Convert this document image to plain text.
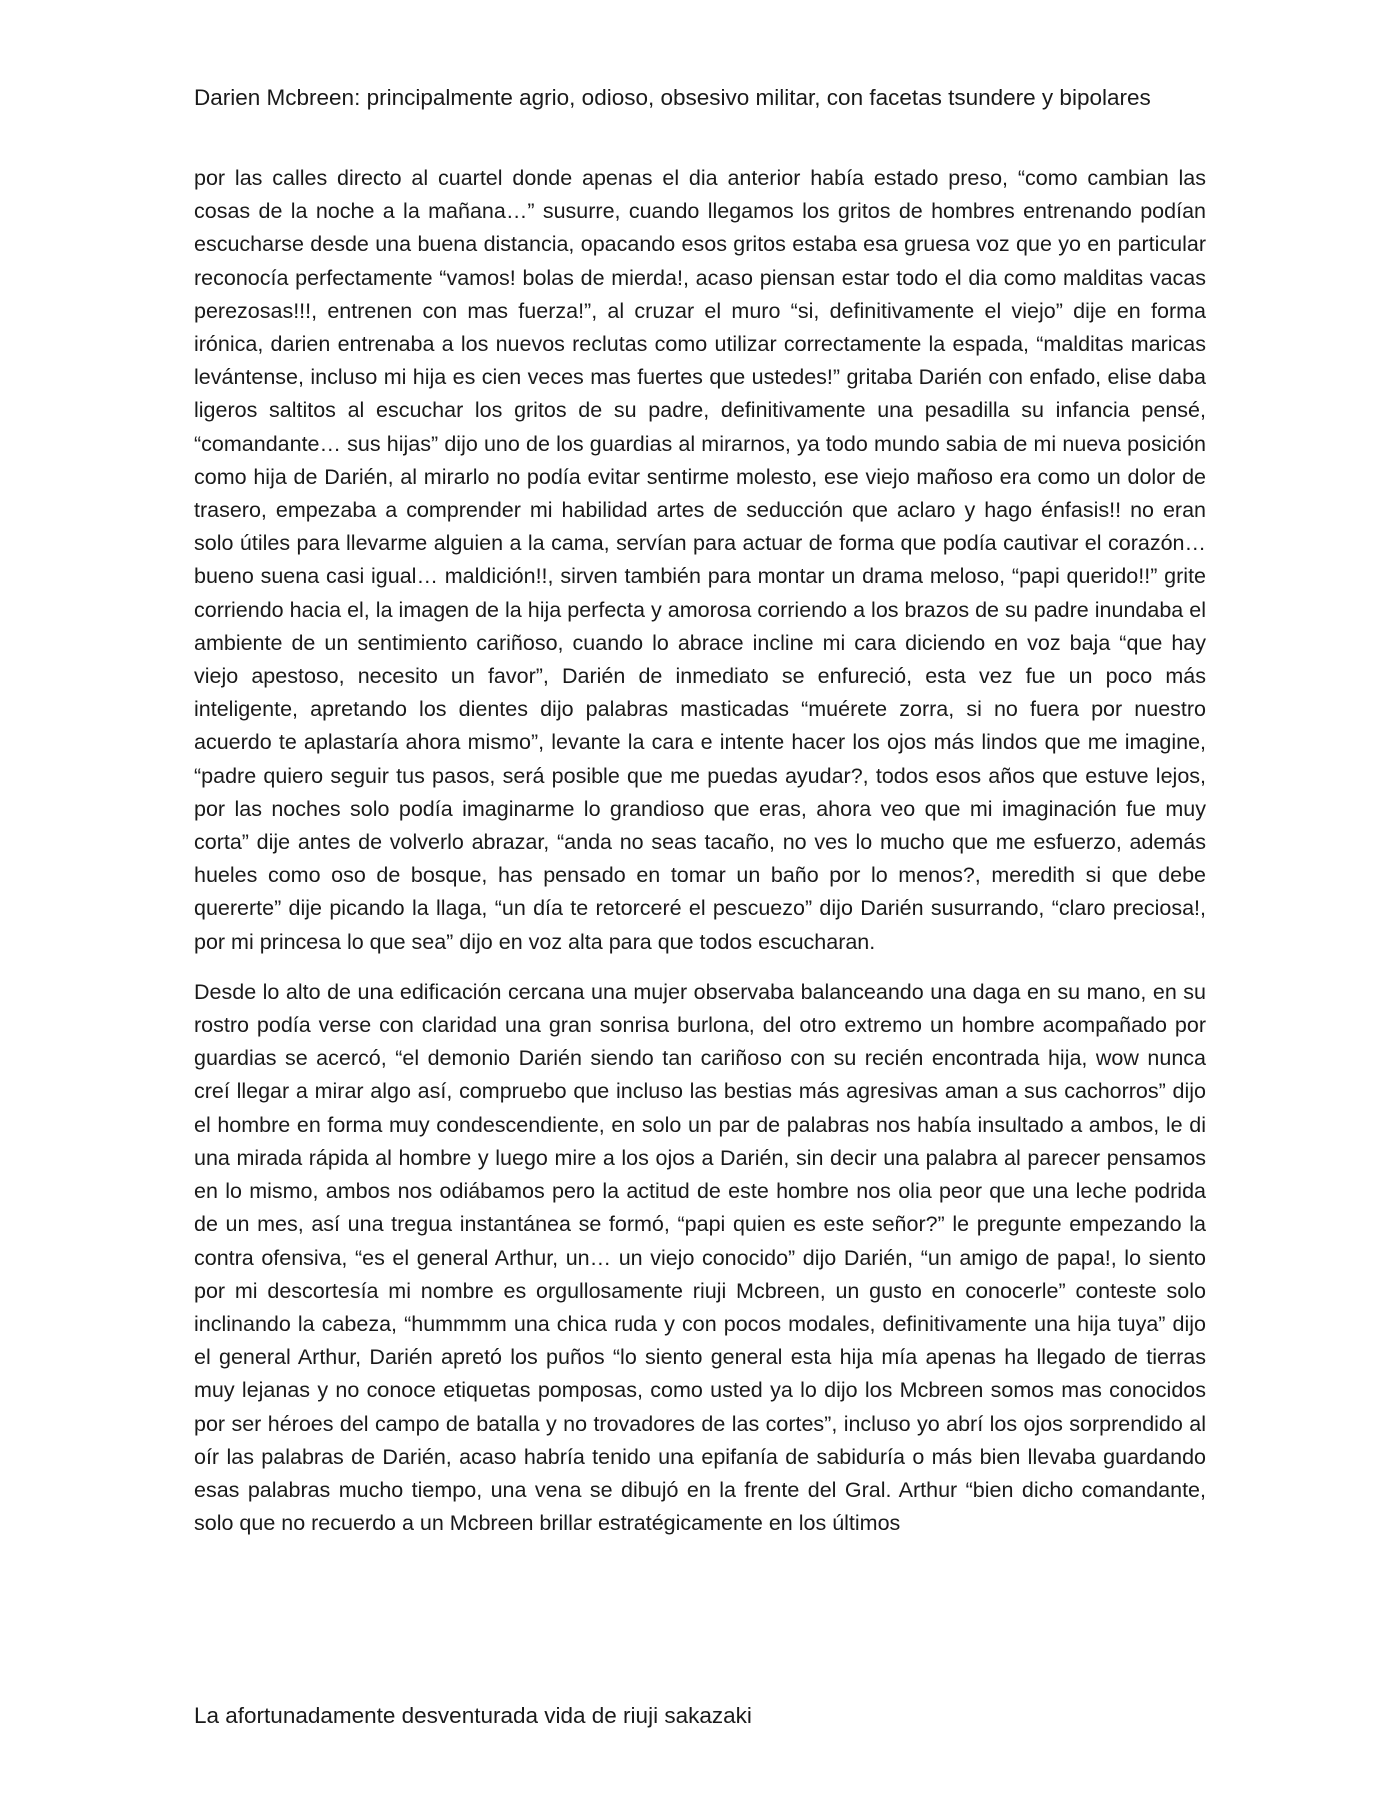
Darien Mcbreen: principalmente agrio, odioso, obsesivo militar, con facetas tsundere y bipolares

por las calles directo al cuartel donde apenas el dia anterior había estado preso, “como cambian las cosas de la noche a la mañana…” susurre, cuando llegamos los gritos de hombres entrenando podían escucharse desde una buena distancia, opacando esos gritos estaba esa gruesa voz que yo en particular reconocía perfectamente “vamos! bolas de mierda!, acaso piensan estar todo el dia como malditas vacas perezosas!!!, entrenen con mas fuerza!”, al cruzar el muro “si, definitivamente el viejo” dije en forma irónica, darien entrenaba a los nuevos reclutas como utilizar correctamente la espada, “malditas maricas levántense, incluso mi hija es cien veces mas fuertes que ustedes!” gritaba Darién con enfado, elise daba ligeros saltitos al escuchar los gritos de su padre, definitivamente una pesadilla su infancia pensé, “comandante… sus hijas” dijo uno de los guardias al mirarnos, ya todo mundo sabia de mi nueva posición como hija de Darién, al mirarlo no podía evitar sentirme molesto, ese viejo mañoso era como un dolor de trasero, empezaba a comprender mi habilidad artes de seducción que aclaro y hago énfasis!! no eran solo útiles para llevarme alguien a la cama, servían para actuar de forma que podía cautivar el corazón… bueno suena casi igual… maldición!!, sirven también para montar un drama meloso, “papi querido!!” grite corriendo hacia el, la imagen de la hija perfecta y amorosa corriendo a los brazos de su padre inundaba el ambiente de un sentimiento cariñoso, cuando lo abrace incline mi cara diciendo en voz baja “que hay viejo apestoso, necesito un favor”, Darién de inmediato se enfureció, esta vez fue un poco más inteligente, apretando los dientes dijo palabras masticadas “muérete zorra, si no fuera por nuestro acuerdo te aplastaría ahora mismo”, levante la cara e intente hacer los ojos más lindos que me imagine, “padre quiero seguir tus pasos, será posible que me puedas ayudar?, todos esos años que estuve lejos, por las noches solo podía imaginarme lo grandioso que eras, ahora veo que mi imaginación fue muy corta” dije antes de volverlo abrazar, “anda no seas tacaño, no ves lo mucho que me esfuerzo, además hueles como oso de bosque, has pensado en tomar un baño por lo menos?, meredith si que debe quererte” dije picando la llaga, “un día te retorceré el pescuezo” dijo Darién susurrando, “claro preciosa!, por mi princesa lo que sea” dijo en voz alta para que todos escucharan.

Desde lo alto de una edificación cercana una mujer observaba balanceando una daga en su mano, en su rostro podía verse con claridad una gran sonrisa burlona, del otro extremo un hombre acompañado por guardias se acercó, “el demonio Darién siendo tan cariñoso con su recién encontrada hija, wow nunca creí llegar a mirar algo así, compruebo que incluso las bestias más agresivas aman a sus cachorros” dijo el hombre en forma muy condescendiente, en solo un par de palabras nos había insultado a ambos, le di una mirada rápida al hombre y luego mire a los ojos a Darién, sin decir una palabra al parecer pensamos en lo mismo, ambos nos odiábamos pero la actitud de este hombre nos olia peor que una leche podrida de un mes, así una tregua instantánea se formó, “papi quien es este señor?” le pregunte empezando la contra ofensiva, “es el general Arthur, un… un viejo conocido” dijo Darién, “un amigo de papa!, lo siento por mi descortesía mi nombre es orgullosamente riuji Mcbreen, un gusto en conocerle” conteste solo inclinando la cabeza, “hummmm una chica ruda y con pocos modales, definitivamente una hija tuya” dijo el general Arthur, Darién apretó los puños “lo siento general esta hija mía apenas ha llegado de tierras muy lejanas y no conoce etiquetas pomposas, como usted ya lo dijo los Mcbreen somos mas conocidos por ser héroes del campo de batalla y no trovadores de las cortes”, incluso yo abrí los ojos sorprendido al oír las palabras de Darién, acaso habría tenido una epifanía de sabiduría o más bien llevaba guardando esas palabras mucho tiempo, una vena se dibujó en la frente del Gral. Arthur “bien dicho comandante, solo que no recuerdo a un Mcbreen brillar estratégicamente en los últimos

La afortunadamente desventurada vida de riuji sakazaki
